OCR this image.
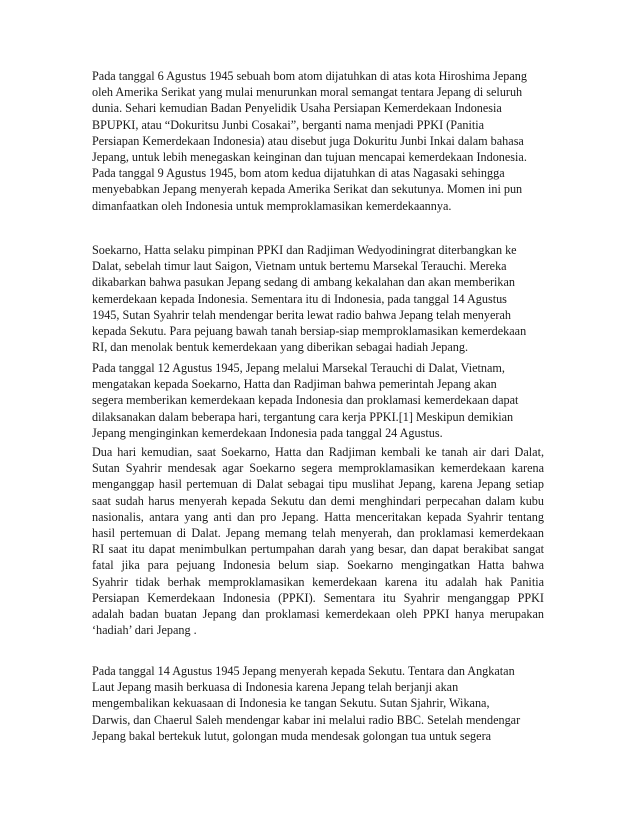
Pada tanggal 6 Agustus 1945 sebuah bom atom dijatuhkan di atas kota Hiroshima Jepang
oleh Amerika Serikat yang mulai menurunkan moral semangat tentara Jepang di seluruh
dunia. Sehari kemudian Badan Penyelidik Usaha Persiapan Kemerdekaan Indonesia
BPUPKI, atau “Dokuritsu Junbi Cosakai”, berganti nama menjadi PPKI (Panitia
Persiapan Kemerdekaan Indonesia) atau disebut juga Dokuritu Junbi Inkai dalam bahasa
Jepang, untuk lebih menegaskan keinginan dan tujuan mencapai kemerdekaan Indonesia.
Pada tanggal 9 Agustus 1945, bom atom kedua dijatuhkan di atas Nagasaki sehingga
menyebabkan Jepang menyerah kepada Amerika Serikat dan sekutunya. Momen ini pun
dimanfaatkan oleh Indonesia untuk memproklamasikan kemerdekaannya.
Soekarno, Hatta selaku pimpinan PPKI dan Radjiman Wedyodiningrat diterbangkan ke
Dalat, sebelah timur laut Saigon, Vietnam untuk bertemu Marsekal Terauchi. Mereka
dikabarkan bahwa pasukan Jepang sedang di ambang kekalahan dan akan memberikan
kemerdekaan kepada Indonesia. Sementara itu di Indonesia, pada tanggal 14 Agustus
1945, Sutan Syahrir telah mendengar berita lewat radio bahwa Jepang telah menyerah
kepada Sekutu. Para pejuang bawah tanah bersiap-siap memproklamasikan kemerdekaan
RI, dan menolak bentuk kemerdekaan yang diberikan sebagai hadiah Jepang.
Pada tanggal 12 Agustus 1945, Jepang melalui Marsekal Terauchi di Dalat, Vietnam,
mengatakan kepada Soekarno, Hatta dan Radjiman bahwa pemerintah Jepang akan
segera memberikan kemerdekaan kepada Indonesia dan proklamasi kemerdekaan dapat
dilaksanakan dalam beberapa hari, tergantung cara kerja PPKI.[1] Meskipun demikian
Jepang menginginkan kemerdekaan Indonesia pada tanggal 24 Agustus.
Dua hari kemudian, saat Soekarno, Hatta dan Radjiman kembali ke tanah air dari Dalat,
Sutan Syahrir mendesak agar Soekarno segera memproklamasikan kemerdekaan karena
menganggap hasil pertemuan di Dalat sebagai tipu muslihat Jepang, karena Jepang setiap
saat sudah harus menyerah kepada Sekutu dan demi menghindari perpecahan dalam kubu
nasionalis, antara yang anti dan pro Jepang. Hatta menceritakan kepada Syahrir tentang
hasil pertemuan di Dalat. Jepang memang telah menyerah, dan proklamasi kemerdekaan
RI saat itu dapat menimbulkan pertumpahan darah yang besar, dan dapat berakibat sangat
fatal jika para pejuang Indonesia belum siap. Soekarno mengingatkan Hatta bahwa
Syahrir tidak berhak memproklamasikan kemerdekaan karena itu adalah hak Panitia
Persiapan Kemerdekaan Indonesia (PPKI). Sementara itu Syahrir menganggap PPKI
adalah badan buatan Jepang dan proklamasi kemerdekaan oleh PPKI hanya merupakan
‘hadiah’ dari Jepang .
Pada tanggal 14 Agustus 1945 Jepang menyerah kepada Sekutu. Tentara dan Angkatan
Laut Jepang masih berkuasa di Indonesia karena Jepang telah berjanji akan
mengembalikan kekuasaan di Indonesia ke tangan Sekutu. Sutan Sjahrir, Wikana,
Darwis, dan Chaerul Saleh mendengar kabar ini melalui radio BBC. Setelah mendengar
Jepang bakal bertekuk lutut, golongan muda mendesak golongan tua untuk segera
